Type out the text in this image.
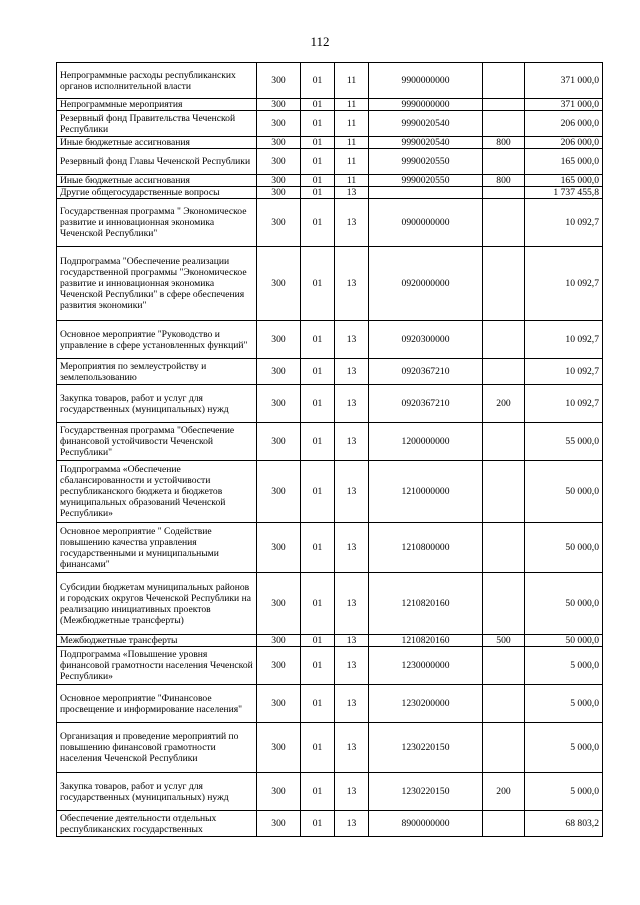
112
Непрограммные расходы республиканских органов исполнительной власти	300	01	11	9900000000		371 000,0
Непрограммные мероприятия	300	01	11	9990000000		371 000,0
Резервный фонд Правительства Чеченской Республики	300	01	11	9990020540		206 000,0
Иные бюджетные ассигнования	300	01	11	9990020540	800	206 000,0
Резервный фонд Главы Чеченской Республики	300	01	11	9990020550		165 000,0
Иные бюджетные ассигнования	300	01	11	9990020550	800	165 000,0
Другие общегосударственные вопросы	300	01	13			1 737 455,8
Государственная программа " Экономическое развитие и инновационная экономика Чеченской Республики"	300	01	13	0900000000		10 092,7
Подпрограмма "Обеспечение реализации государственной программы "Экономическое развитие и инновационная экономика Чеченской Республики" в сфере обеспечения развития экономики"	300	01	13	0920000000		10 092,7
Основное мероприятие "Руководство и управление в сфере установленных функций"	300	01	13	0920300000		10 092,7
Мероприятия по землеустройству и землепользованию	300	01	13	0920367210		10 092,7
Закупка товаров, работ и услуг для государственных (муниципальных) нужд	300	01	13	0920367210	200	10 092,7
Государственная программа "Обеспечение финансовой устойчивости Чеченской Республики"	300	01	13	1200000000		55 000,0
Подпрограмма «Обеспечение сбалансированности и устойчивости республиканского бюджета и бюджетов муниципальных образований Чеченской Республики»	300	01	13	1210000000		50 000,0
Основное мероприятие " Содействие повышению качества управления государственными и муниципальными финансами"	300	01	13	1210800000		50 000,0
Субсидии бюджетам муниципальных районов и городских округов Чеченской Республики на реализацию инициативных проектов (Межбюджетные трансферты)	300	01	13	1210820160		50 000,0
Межбюджетные трансферты	300	01	13	1210820160	500	50 000,0
Подпрограмма «Повышение уровня финансовой грамотности населения Чеченской Республики»	300	01	13	1230000000		5 000,0
Основное мероприятие "Финансовое просвещение и информирование населения"	300	01	13	1230200000		5 000,0
Организация и проведение мероприятий по повышению финансовой грамотности населения Чеченской Республики	300	01	13	1230220150		5 000,0
Закупка товаров, работ и услуг для государственных (муниципальных) нужд	300	01	13	1230220150	200	5 000,0
Обеспечение деятельности отдельных республиканских государственных	300	01	13	8900000000		68 803,2
